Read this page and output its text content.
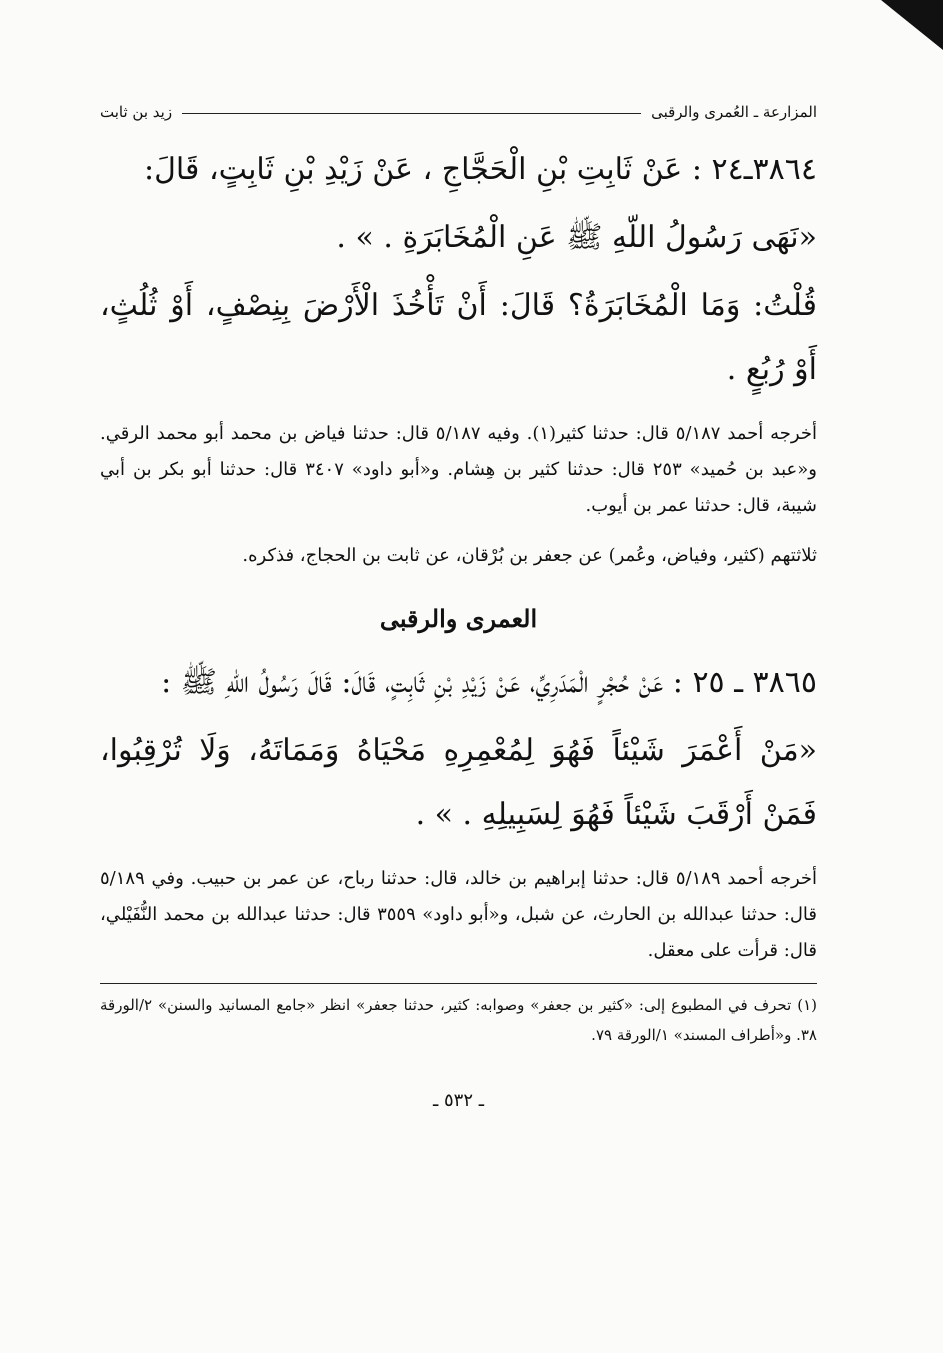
المزارعة ـ العُمرى والرقبى
زيد بن ثابت

٣٨٦٤ـ٢٤ : عَنْ ثَابِتِ بْنِ الْحَجَّاجِ ، عَنْ زَيْدِ بْنِ ثَابِتٍ، قَالَ:

«نَهَى رَسُولُ اللّهِ ﷺ عَنِ الْمُخَابَرَةِ . » .

قُلْتُ: وَمَا الْمُخَابَرَةُ؟ قَالَ: أَنْ تَأْخُذَ الْأَرْضَ بِنِصْفٍ، أَوْ ثُلُثٍ، أَوْ رُبُعٍ .

أخرجه أحمد ٥/١٨٧ قال: حدثنا كثير(١). وفيه ٥/١٨٧ قال: حدثنا فياض بن محمد أبو محمد الرقي. و«عبد بن حُميد» ٢٥٣ قال: حدثنا كثير بن هِشام. و«أبو داود» ٣٤٠٧ قال: حدثنا أبو بكر بن أبي شيبة، قال: حدثنا عمر بن أيوب.

ثلاثتهم (كثير، وفياض، وعُمر) عن جعفر بن بُرْقان، عن ثابت بن الحجاج، فذكره.

العمرى والرقبى

٣٨٦٥ ـ ٢٥ : عَنْ حُجْرٍ الْمَدَرِيِّ، عَنْ زَيْدِ بْنِ ثَابِتٍ، قَالَ: قَالَ رَسُولُ اللّهِ ﷺ :

«مَنْ أَعْمَرَ شَيْئاً فَهُوَ لِمُعْمِرِهِ مَحْيَاهُ وَمَمَاتَهُ، وَلَا تُرْقِبُوا، فَمَنْ أَرْقَبَ شَيْئاً فَهُوَ لِسَبِيلِهِ . » .

أخرجه أحمد ٥/١٨٩ قال: حدثنا إبراهيم بن خالد، قال: حدثنا رباح، عن عمر بن حبيب. وفي ٥/١٨٩ قال: حدثنا عبدالله بن الحارث، عن شبل، و«أبو داود» ٣٥٥٩ قال: حدثنا عبدالله بن محمد النُّفَيْلي، قال: قرأت على معقل.

(١) تحرف في المطبوع إلى: «كثير بن جعفر» وصوابه: كثير، حدثنا جعفر» انظر «جامع المسانيد والسنن» ٢/الورقة ٣٨. و«أطراف المسند» ١/الورقة ٧٩.

ـ ٥٣٢ ـ
